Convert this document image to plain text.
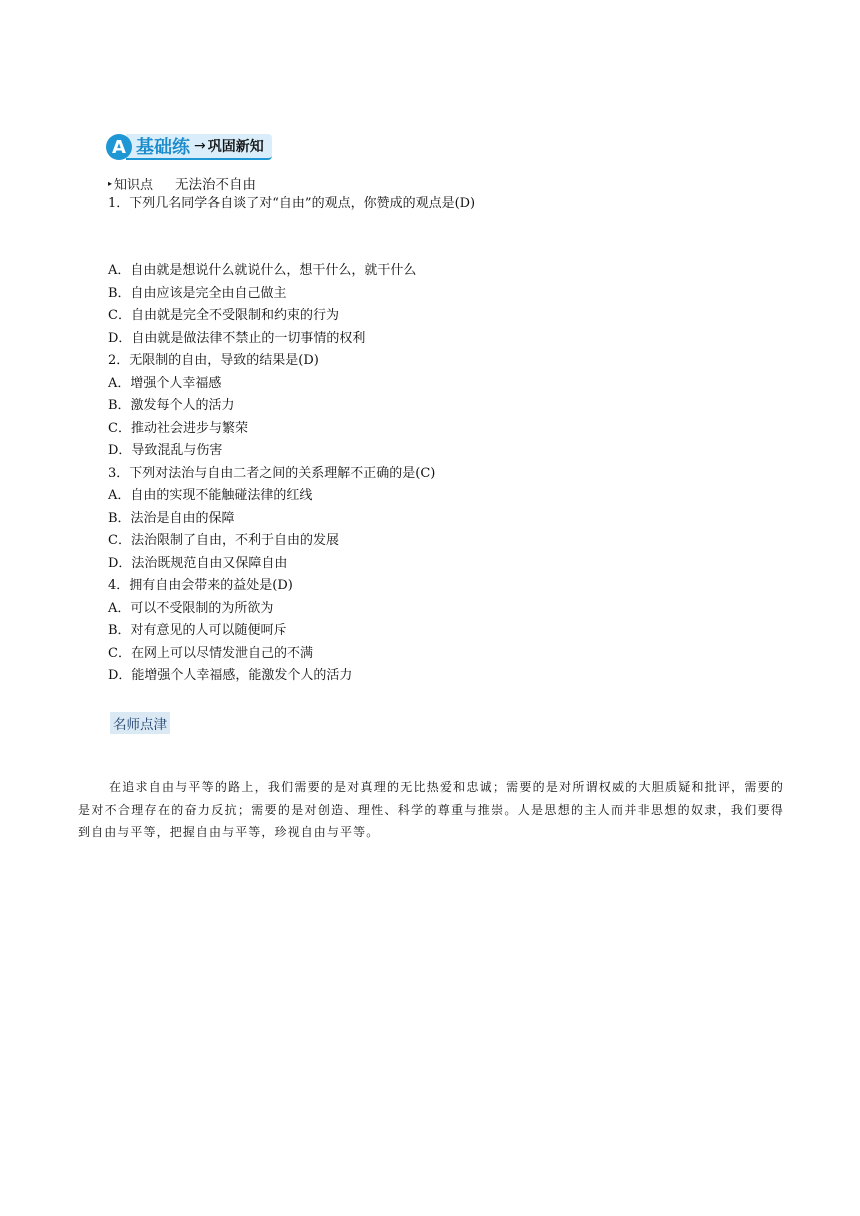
A 基础练 → 巩固新知
▸ 知识点 无法治不自由
1．下列几名同学各自谈了对“自由”的观点，你赞成的观点是(D)
A．自由就是想说什么就说什么，想干什么，就干什么
B．自由应该是完全由自己做主
C．自由就是完全不受限制和约束的行为
D．自由就是做法律不禁止的一切事情的权利
2．无限制的自由，导致的结果是(D)
A．增强个人幸福感
B．激发每个人的活力
C．推动社会进步与繁荣
D．导致混乱与伤害
3．下列对法治与自由二者之间的关系理解不正确的是(C)
A．自由的实现不能触碰法律的红线
B．法治是自由的保障
C．法治限制了自由，不利于自由的发展
D．法治既规范自由又保障自由
4．拥有自由会带来的益处是(D)
A．可以不受限制的为所欲为
B．对有意见的人可以随便呵斥
C．在网上可以尽情发泄自己的不满
D．能增强个人幸福感，能激发个人的活力
名师点津
在追求自由与平等的路上，我们需要的是对真理的无比热爱和忠诚；需要的是对所谓权威的大胆质疑和批评，需要的是对不合理存在的奋力反抗；需要的是对创造、理性、科学的尊重与推崇。人是思想的主人而并非思想的奴隶，我们要得到自由与平等，把握自由与平等，珍视自由与平等。
